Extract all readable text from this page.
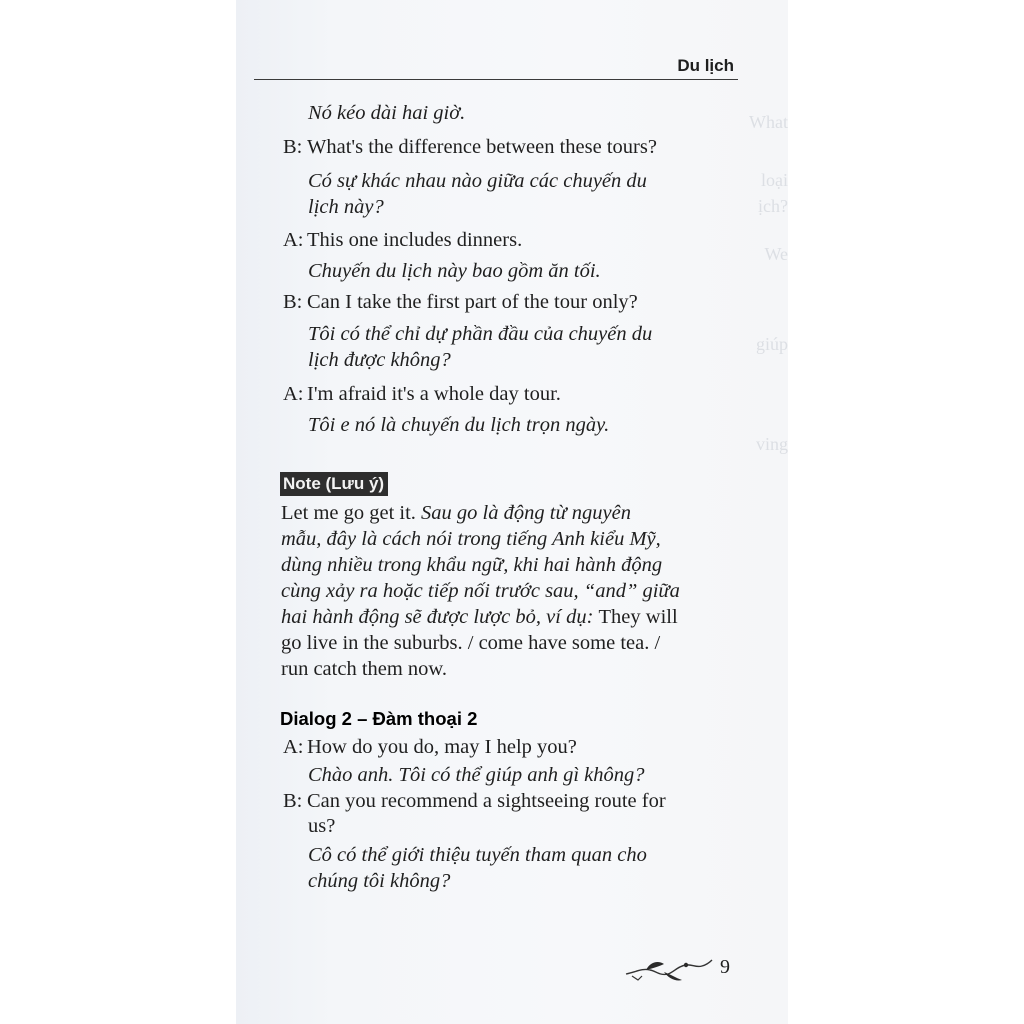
What
loại
ịch?
We
giúp
ving
Du lịch
Nó kéo dài hai giờ.
B: What's the difference between these tours?
Có sự khác nhau nào giữa các chuyến du
lịch này?
A: This one includes dinners.
Chuyến du lịch này bao gồm ăn tối.
B: Can I take the first part of the tour only?
Tôi có thể chỉ dự phần đầu của chuyến du
lịch được không?
A: I'm afraid it's a whole day tour.
Tôi e nó là chuyến du lịch trọn ngày.
Note (Lưu ý)
Let me go get it. Sau go là động từ nguyên
mẫu, đây là cách nói trong tiếng Anh kiểu Mỹ,
dùng nhiều trong khẩu ngữ, khi hai hành động
cùng xảy ra hoặc tiếp nối trước sau, “and” giữa
hai hành động sẽ được lược bỏ, ví dụ: They will
go live in the suburbs. / come have some tea. /
run catch them now.
Dialog 2 – Đàm thoại 2
A: How do you do, may I help you?
Chào anh. Tôi có thể giúp anh gì không?
B: Can you recommend a sightseeing route for
us?
Cô có thể giới thiệu tuyến tham quan cho
chúng tôi không?
9
